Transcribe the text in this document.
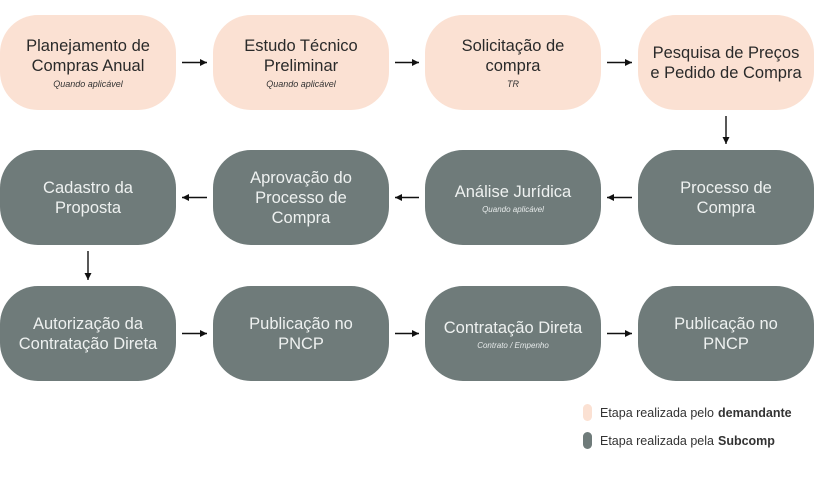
Planejamento de
Compras Anual
Quando aplicável
Estudo Técnico
Preliminar
Quando aplicável
Solicitação de
compra
TR
Pesquisa de Preços
e Pedido de Compra
Cadastro da
Proposta
Aprovação do
Processo de
Compra
Análise Jurídica
Quando aplicável
Processo de
Compra
Autorização da
Contratação Direta
Publicação no
PNCP
Contratação Direta
Contrato / Empenho
Publicação no
PNCP
Etapa realizada pelo demandante
Etapa realizada pela Subcomp
